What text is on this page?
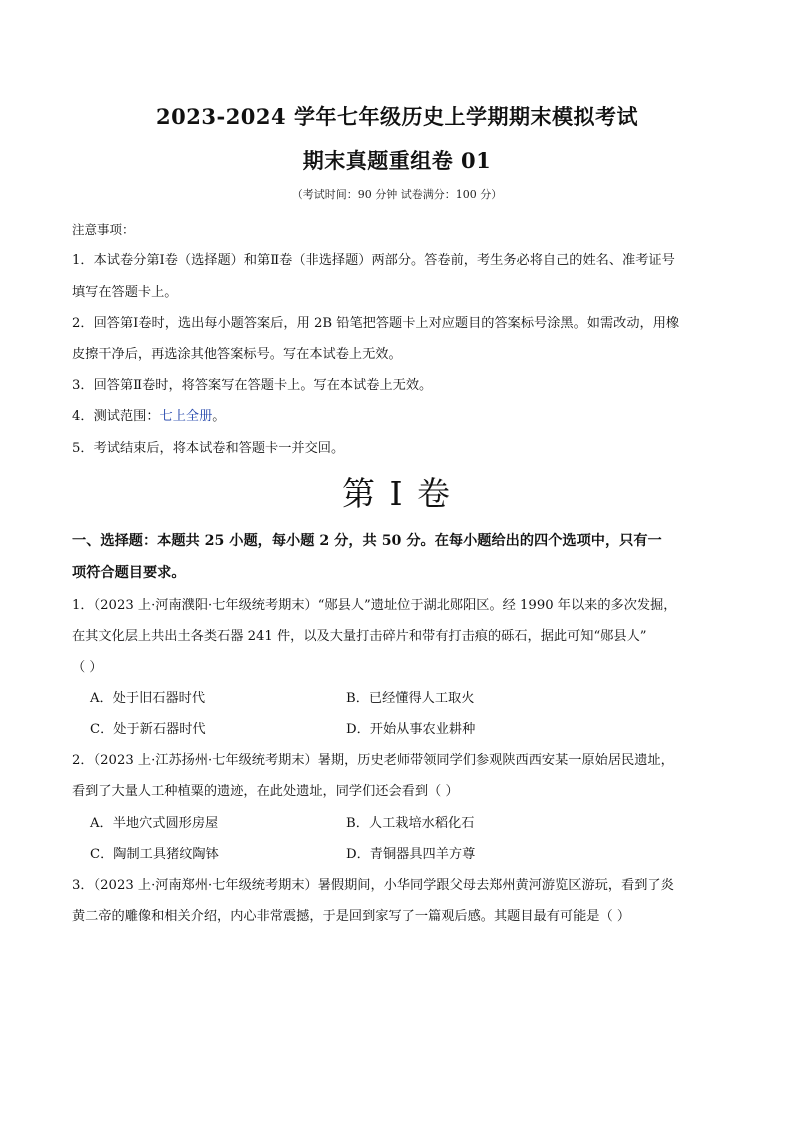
2023-2024 学年七年级历史上学期期末模拟考试
期末真题重组卷 01
（考试时间：90 分钟 试卷满分：100 分）
注意事项：
1．本试卷分第Ⅰ卷（选择题）和第Ⅱ卷（非选择题）两部分。答卷前，考生务必将自己的姓名、准考证号
填写在答题卡上。
2．回答第Ⅰ卷时，选出每小题答案后，用 2B 铅笔把答题卡上对应题目的答案标号涂黑。如需改动，用橡
皮擦干净后，再选涂其他答案标号。写在本试卷上无效。
3．回答第Ⅱ卷时，将答案写在答题卡上。写在本试卷上无效。
4．测试范围：七上全册。
5．考试结束后，将本试卷和答题卡一并交回。
第 I 卷
一、选择题：本题共 25 小题，每小题 2 分，共 50 分。在每小题给出的四个选项中，只有一
项符合题目要求。
1．（2023 上·河南濮阳·七年级统考期末）“郧县人”遗址位于湖北郧阳区。经 1990 年以来的多次发掘，
在其文化层上共出土各类石器 241 件，以及大量打击碎片和带有打击痕的砾石，据此可知“郧县人”
（ ）
A．处于旧石器时代	B．已经懂得人工取火
C．处于新石器时代	D．开始从事农业耕种
2．（2023 上·江苏扬州·七年级统考期末）暑期，历史老师带领同学们参观陕西西安某一原始居民遗址，
看到了大量人工种植粟的遗迹，在此处遗址，同学们还会看到（ ）
A．半地穴式圆形房屋	B．人工栽培水稻化石
C．陶制工具猪纹陶钵	D．青铜器具四羊方尊
3．（2023 上·河南郑州·七年级统考期末）暑假期间，小华同学跟父母去郑州黄河游览区游玩，看到了炎
黄二帝的雕像和相关介绍，内心非常震撼，于是回到家写了一篇观后感。其题目最有可能是（ ）
